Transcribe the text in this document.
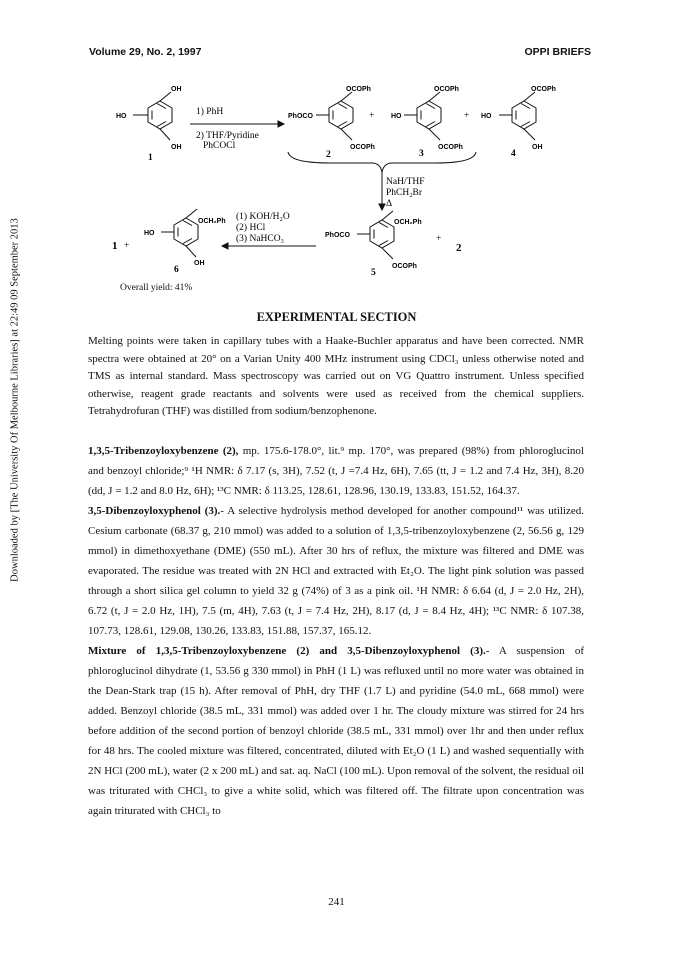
Volume 29, No. 2, 1997	OPPI BRIEFS
Downloaded by [The University Of Melbourne Libraries] at 22:49 09 September 2013
OH
HO
OH
1
1) PhH
2) THF/Pyridine
PhCOCl
OCOPh
PhOCO
OCOPh
2
+
OCOPh
HO
OCOPh
3
+
OCOPh
HO
OH
4
NaH/THF
PhCH₂Br
Δ
OCH₂Ph
PhOCO
OCOPh
5
+
2
(1) KOH/H₂O
(2) HCl
(3) NaHCO₃
OCH₂Ph
HO
OH
6
1 +
Overall yield: 41%
EXPERIMENTAL SECTION

Melting points were taken in capillary tubes with a Haake-Buchler apparatus and have been corrected. NMR spectra were obtained at 20° on a Varian Unity 400 MHz instrument using CDCl₃ unless otherwise noted and TMS as internal standard. Mass spectroscopy was carried out on VG Quattro instrument. Unless specified otherwise, reagent grade reactants and solvents were used as received from the chemical suppliers. Tetrahydrofuran (THF) was distilled from sodium/benzophenone.

1,3,5-Tribenzoyloxybenzene (2), mp. 175.6-178.0°, lit.⁹ mp. 170°, was prepared (98%) from phloroglucinol and benzoyl chloride;⁹ ¹H NMR: δ 7.17 (s, 3H), 7.52 (t, J =7.4 Hz, 6H), 7.65 (tt, J = 1.2 and 7.4 Hz, 3H), 8.20 (dd, J = 1.2 and 8.0 Hz, 6H); ¹³C NMR: δ 113.25, 128.61, 128.96, 130.19, 133.83, 151.52, 164.37.

3,5-Dibenzoyloxyphenol (3).- A selective hydrolysis method developed for another compound¹¹ was utilized. Cesium carbonate (68.37 g, 210 mmol) was added to a solution of 1,3,5-tribenzoyloxybenzene (2, 56.56 g, 129 mmol) in dimethoxyethane (DME) (550 mL). After 30 hrs of reflux, the mixture was filtered and DME was evaporated. The residue was treated with 2N HCl and extracted with Et₂O. The light pink solution was passed through a short silica gel column to yield 32 g (74%) of 3 as a pink oil. ¹H NMR: δ 6.64 (d, J = 2.0 Hz, 2H), 6.72 (t, J = 2.0 Hz, 1H), 7.5 (m, 4H), 7.63 (t, J = 7.4 Hz, 2H), 8.17 (d, J = 8.4 Hz, 4H); ¹³C NMR: δ 107.38, 107.73, 128.61, 129.08, 130.26, 133.83, 151.88, 157.37, 165.12.

Mixture of 1,3,5-Tribenzoyloxybenzene (2) and 3,5-Dibenzoyloxyphenol (3).- A suspension of phloroglucinol dihydrate (1, 53.56 g 330 mmol) in PhH (1 L) was refluxed until no more water was obtained in the Dean-Stark trap (15 h). After removal of PhH, dry THF (1.7 L) and pyridine (54.0 mL, 668 mmol) were added. Benzoyl chloride (38.5 mL, 331 mmol) was added over 1 hr. The cloudy mixture was stirred for 24 hrs before addition of the second portion of benzoyl chloride (38.5 mL, 331 mmol) over 1hr and then under reflux for 48 hrs. The cooled mixture was filtered, concentrated, diluted with Et₂O (1 L) and washed sequentially with 2N HCl (200 mL), water (2 x 200 mL) and sat. aq. NaCl (100 mL). Upon removal of the solvent, the residual oil was triturated with CHCl₃ to give a white solid, which was filtered off. The filtrate upon concentration was again triturated with CHCl₃ to

241
